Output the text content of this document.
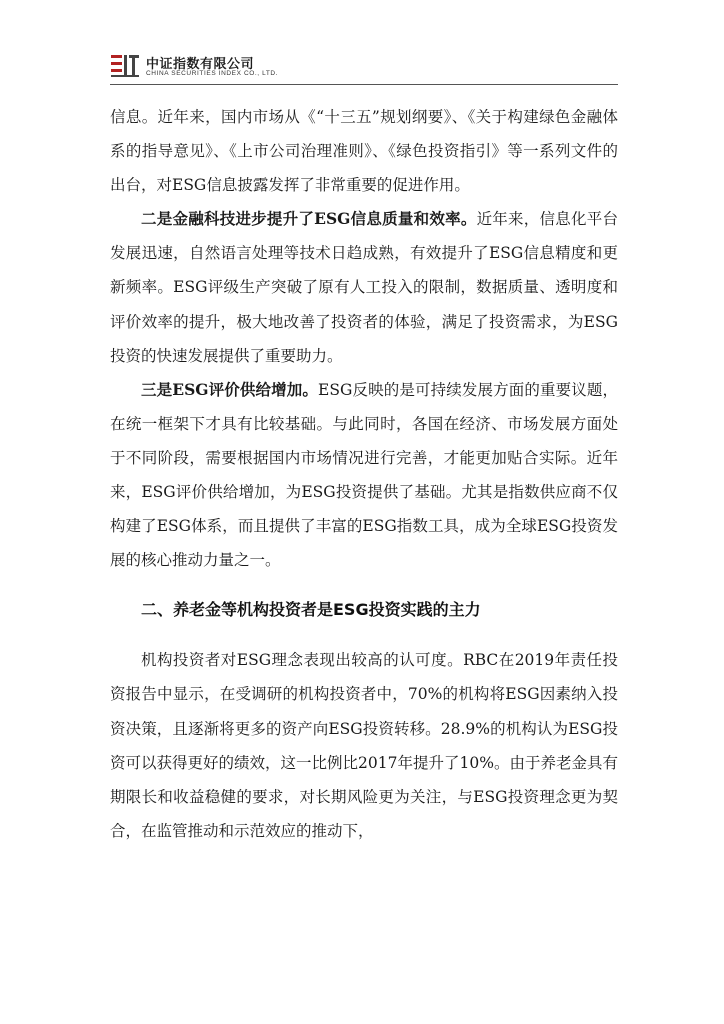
中证指数有限公司
CHINA SECURITIES INDEX CO., LTD.

信息。近年来，国内市场从《“十三五”规划纲要》、《关于构建绿色金融体系的指导意见》、《上市公司治理准则》、《绿色投资指引》等一系列文件的出台，对ESG信息披露发挥了非常重要的促进作用。

二是金融科技进步提升了ESG信息质量和效率。近年来，信息化平台发展迅速，自然语言处理等技术日趋成熟，有效提升了ESG信息精度和更新频率。ESG评级生产突破了原有人工投入的限制，数据质量、透明度和评价效率的提升，极大地改善了投资者的体验，满足了投资需求，为ESG投资的快速发展提供了重要助力。

三是ESG评价供给增加。ESG反映的是可持续发展方面的重要议题，在统一框架下才具有比较基础。与此同时，各国在经济、市场发展方面处于不同阶段，需要根据国内市场情况进行完善，才能更加贴合实际。近年来，ESG评价供给增加，为ESG投资提供了基础。尤其是指数供应商不仅构建了ESG体系，而且提供了丰富的ESG指数工具，成为全球ESG投资发展的核心推动力量之一。

二、养老金等机构投资者是ESG投资实践的主力

机构投资者对ESG理念表现出较高的认可度。RBC在2019年责任投资报告中显示，在受调研的机构投资者中，70%的机构将ESG因素纳入投资决策，且逐渐将更多的资产向ESG投资转移。28.9%的机构认为ESG投资可以获得更好的绩效，这一比例比2017年提升了10%。由于养老金具有期限长和收益稳健的要求，对长期风险更为关注，与ESG投资理念更为契合，在监管推动和示范效应的推动下，
